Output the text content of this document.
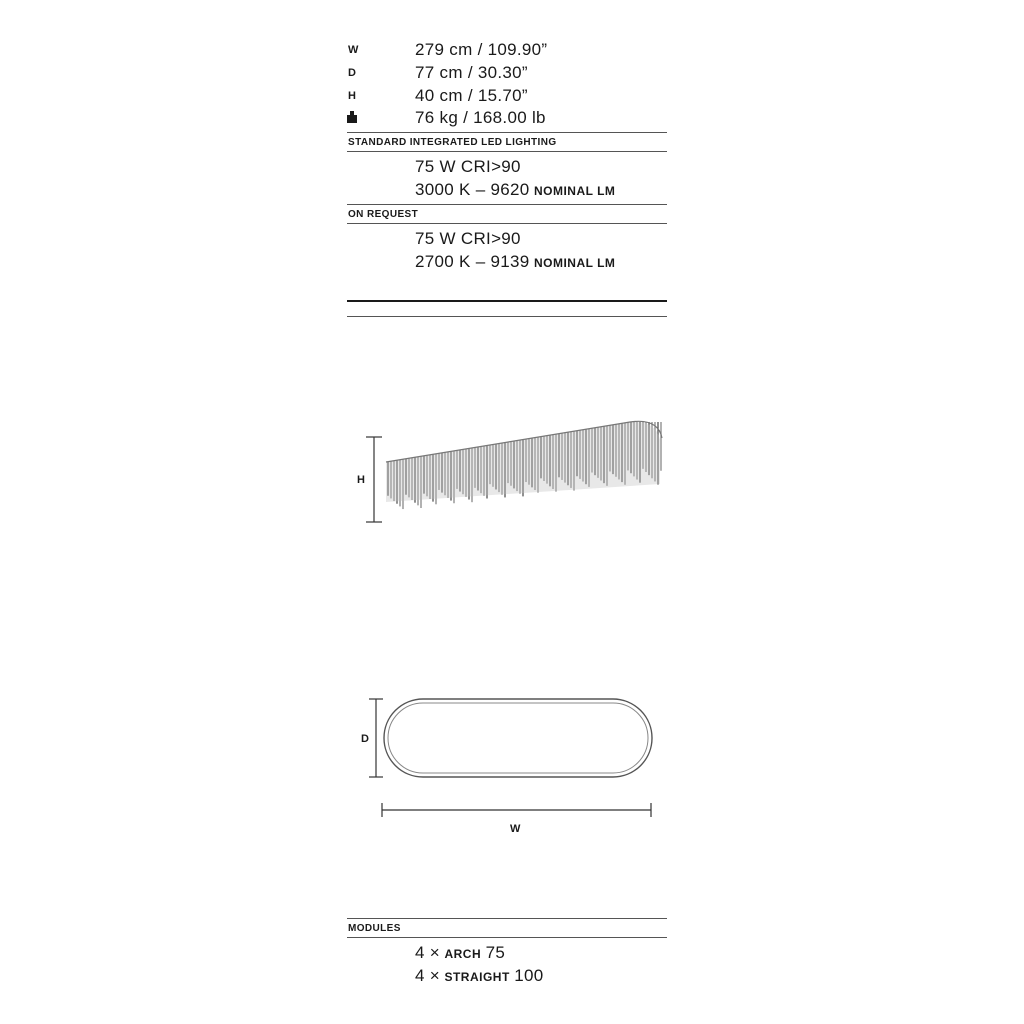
W	279 cm / 109.90”
D	77 cm / 30.30”
H	40 cm / 15.70”
76 kg / 168.00 lb
STANDARD INTEGRATED LED LIGHTING
75 W CRI>90
3000 K – 9620 NOMINAL LM
ON REQUEST
75 W CRI>90
2700 K – 9139 NOMINAL LM
H
D
W
MODULES
4 × ARCH 75
4 × STRAIGHT 100
